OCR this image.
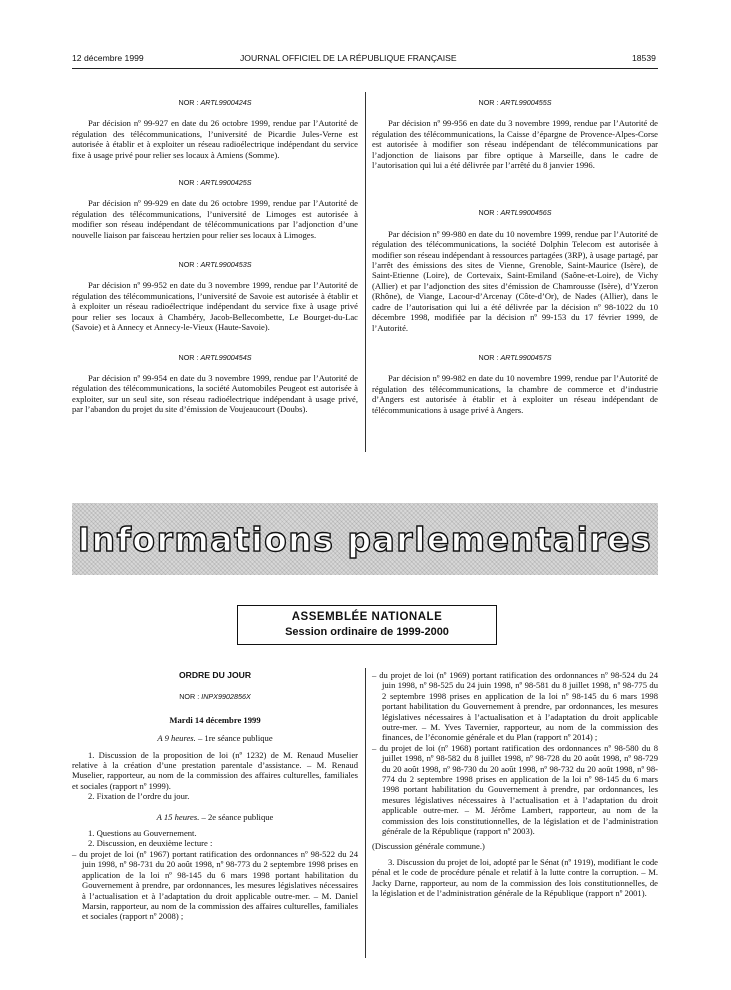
12 décembre 1999	JOURNAL OFFICIEL DE LA RÉPUBLIQUE FRANÇAISE	18539

NOR : ARTL9900424S

Par décision nº 99-927 en date du 26 octobre 1999, rendue par l’Autorité de régulation des télécommunications, l’université de Picardie Jules-Verne est autorisée à établir et à exploiter un réseau radioélectrique indépendant du service fixe à usage privé pour relier ses locaux à Amiens (Somme).

NOR : ARTL9900425S

Par décision nº 99-929 en date du 26 octobre 1999, rendue par l’Autorité de régulation des télécommunications, l’université de Limoges est autorisée à modifier son réseau indépendant de télécommunications par l’adjonction d’une nouvelle liaison par faisceau hertzien pour relier ses locaux à Limoges.

NOR : ARTL9900453S

Par décision nº 99-952 en date du 3 novembre 1999, rendue par l’Autorité de régulation des télécommunications, l’université de Savoie est autorisée à établir et à exploiter un réseau radioélectrique indépendant du service fixe à usage privé pour relier ses locaux à Chambéry, Jacob-Bellecombette, Le Bourget-du-Lac (Savoie) et à Annecy et Annecy-le-Vieux (Haute-Savoie).

NOR : ARTL9900454S

Par décision nº 99-954 en date du 3 novembre 1999, rendue par l’Autorité de régulation des télécommunications, la société Automobiles Peugeot est autorisée à exploiter, sur un seul site, son réseau radioélectrique indépendant à usage privé, par l’abandon du projet du site d’émission de Voujeaucourt (Doubs).

NOR : ARTL9900455S

Par décision nº 99-956 en date du 3 novembre 1999, rendue par l’Autorité de régulation des télécommunications, la Caisse d’épargne de Provence-Alpes-Corse est autorisée à modifier son réseau indépendant de télécommunications par l’adjonction de liaisons par fibre optique à Marseille, dans le cadre de l’autorisation qui lui a été délivrée par l’arrêté du 8 janvier 1996.

NOR : ARTL9900456S

Par décision nº 99-980 en date du 10 novembre 1999, rendue par l’Autorité de régulation des télécommunications, la société Dolphin Telecom est autorisée à modifier son réseau indépendant à ressources partagées (3RP), à usage partagé, par l’arrêt des émissions des sites de Vienne, Grenoble, Saint-Maurice (Isère), de Saint-Etienne (Loire), de Cortevaix, Saint-Emiland (Saône-et-Loire), de Vichy (Allier) et par l’adjonction des sites d’émission de Chamrousse (Isère), d’Yzeron (Rhône), de Viange, Lacour-d’Arcenay (Côte-d’Or), de Nades (Allier), dans le cadre de l’autorisation qui lui a été délivrée par la décision nº 98-1022 du 10 décembre 1998, modifiée par la décision nº 99-153 du 17 février 1999, de l’Autorité.

NOR : ARTL9900457S

Par décision nº 99-982 en date du 10 novembre 1999, rendue par l’Autorité de régulation des télécommunications, la chambre de commerce et d’industrie d’Angers est autorisée à établir et à exploiter un réseau indépendant de télécommunications à usage privé à Angers.

Informations parlementaires
ASSEMBLÉE NATIONALE
Session ordinaire de 1999-2000

ORDRE DU JOUR

NOR : INPX9902856X

Mardi 14 décembre 1999

A 9 heures. – 1re séance publique

1. Discussion de la proposition de loi (nº 1232) de M. Renaud Muselier relative à la création d’une prestation parentale d’assistance. – M. Renaud Muselier, rapporteur, au nom de la commission des affaires culturelles, familiales et sociales (rapport nº 1999).

2. Fixation de l’ordre du jour.

A 15 heures. – 2e séance publique

1. Questions au Gouvernement.

2. Discussion, en deuxième lecture :

– du projet de loi (nº 1967) portant ratification des ordonnances nº 98-522 du 24 juin 1998, nº 98-731 du 20 août 1998, nº 98-773 du 2 septembre 1998 prises en application de la loi nº 98-145 du 6 mars 1998 portant habilitation du Gouvernement à prendre, par ordonnances, les mesures législatives nécessaires à l’actualisation et à l’adaptation du droit applicable outre-mer. – M. Daniel Marsin, rapporteur, au nom de la commission des affaires culturelles, familiales et sociales (rapport nº 2008) ;
– du projet de loi (nº 1969) portant ratification des ordonnances nº 98-524 du 24 juin 1998, nº 98-525 du 24 juin 1998, nº 98-581 du 8 juillet 1998, nº 98-775 du 2 septembre 1998 prises en application de la loi nº 98-145 du 6 mars 1998 portant habilitation du Gouvernement à prendre, par ordonnances, les mesures législatives nécessaires à l’actualisation et à l’adaptation du droit applicable outre-mer. – M. Yves Tavernier, rapporteur, au nom de la commission des finances, de l’économie générale et du Plan (rapport nº 2014) ;
– du projet de loi (nº 1968) portant ratification des ordonnances nº 98-580 du 8 juillet 1998, nº 98-582 du 8 juillet 1998, nº 98-728 du 20 août 1998, nº 98-729 du 20 août 1998, nº 98-730 du 20 août 1998, nº 98-732 du 20 août 1998, nº 98-774 du 2 septembre 1998 prises en application de la loi nº 98-145 du 6 mars 1998 portant habilitation du Gouvernement à prendre, par ordonnances, les mesures législatives nécessaires à l’actualisation et à l’adaptation du droit applicable outre-mer. – M. Jérôme Lambert, rapporteur, au nom de la commission des lois constitutionnelles, de la législation et de l’administration générale de la République (rapport nº 2003).

(Discussion générale commune.)

3. Discussion du projet de loi, adopté par le Sénat (nº 1919), modifiant le code pénal et le code de procédure pénale et relatif à la lutte contre la corruption. – M. Jacky Darne, rapporteur, au nom de la commission des lois constitutionnelles, de la législation et de l’administration générale de la République (rapport nº 2001).
